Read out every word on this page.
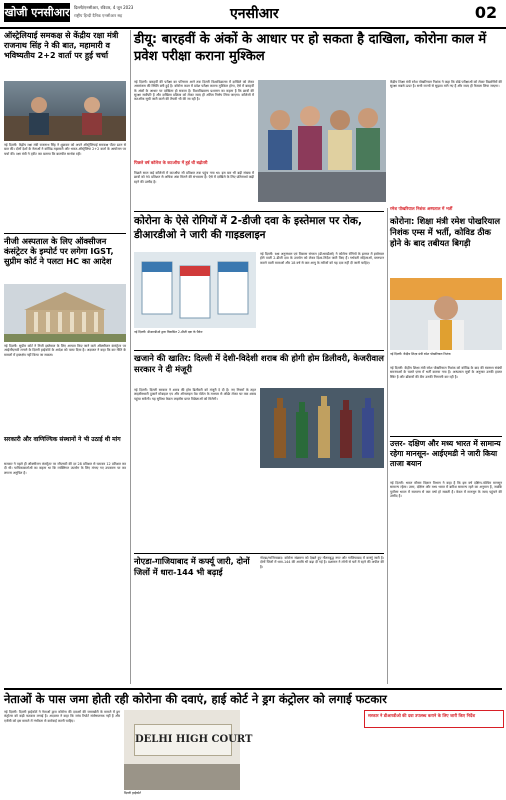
खोजी एनसीआर दिल्ली/एनसीआर, रविवार, 4 जून 2023
राष्ट्रीय हिन्दी दैनिक एनसीआर सह	एनसीआर	02
ऑस्ट्रेलियाई समकक्ष से केंद्रीय रक्षा मंत्री राजनाथ सिंह ने की बात, महामारी व भविष्यतीय 2+2 वार्ता पर हुई चर्चा
नई दिल्ली: केंद्रीय रक्षा मंत्री राजनाथ सिंह ने शुक्रवार को अपने ऑस्ट्रेलियाई समकक्ष पीटर डटन से बात की। दोनों देशों के नेताओं ने कोविड महामारी और भारत-ऑस्ट्रेलिया 2+2 वार्ता के आयोजन पर चर्चा की। रक्षा मंत्री ने ट्वीट कर बताया कि बातचीत सार्थक रही।
नीजी अस्पताल के लिए ऑक्सीजन कंसंट्रेटर के इम्पोर्ट पर लगेगा IGST, सुप्रीम कोर्ट ने पलटा HC का आदेश
नई दिल्ली: सुप्रीम कोर्ट ने निजी इस्तेमाल के लिए आयात किए जाने वाले ऑक्सीजन कंसंट्रेटर पर आईजीएसटी लगाने के दिल्ली हाईकोर्ट के आदेश को पलट दिया है। अदालत ने कहा कि कर नीति के मामलों में हस्तक्षेप नहीं किया जा सकता।
सरकारी और वाणिज्यिक संस्थानों ने भी उठाई थी मांग
सरकार ने पहले ही ऑक्सीजन कंसंट्रेटर पर जीएसटी की दर 28 प्रतिशत से घटाकर 12 प्रतिशत कर दी थी। याचिकाकर्ताओं का कहना था कि व्यक्तिगत उपयोग के लिए मंगाए गए उपकरण पर कर लगाना अनुचित है।
डीयू: बारहवीं के अंकों के आधार पर हो सकता है दाखिला, कोरोना काल में प्रवेश परीक्षा कराना मुश्किल
नई दिल्ली: बारहवीं की परीक्षा का परिणाम आने तक दिल्ली विश्वविद्यालय में दाखिले को लेकर असमंजस की स्थिति बनी हुई है। कोरोना काल में प्रवेश परीक्षा कराना मुश्किल होगा, ऐसे में बारहवीं के अंकों के आधार पर दाखिला हो सकता है। विश्वविद्यालय प्रशासन का कहना है कि छात्रों की सुरक्षा सर्वोपरि है और दाखिला प्रक्रिया को लेकर जल्द ही अंतिम निर्णय लिया जाएगा। कॉलेजों में कटऑफ सूची जारी करने की तैयारी भी की जा रही है।
पिछले वर्ष कॉलेज के कटऑफ में हुई थी बढ़ोतरी
पिछले साल कई कॉलेजों में कटऑफ सौ प्रतिशत तक पहुंच गया था। इस बार भी बड़ी संख्या में छात्रों को 95 प्रतिशत से अधिक अंक मिलने की संभावना है। ऐसे में दाखिले के लिए प्रतिस्पर्धा कड़ी रहने की उम्मीद है।
केंद्रीय शिक्षा मंत्री रमेश पोखरियाल निशंक ने कहा कि बोर्ड परीक्षाओं को लेकर विद्यार्थियों की सुरक्षा सबसे ऊपर है। सभी राज्यों से सुझाव मांगे गए हैं और जल्द ही फैसला लिया जाएगा।
कोरोना के ऐसे रोगियों में 2-डीजी दवा के इस्तेमाल पर रोक, डीआरडीओ ने जारी की गाइडलाइन
नई दिल्ली: डीआरडीओ द्वारा विकसित 2-डीजी दवा के पैकेट
नई दिल्ली: रक्षा अनुसंधान एवं विकास संगठन (डीआरडीओ) ने कोरोना रोगियों के इलाज में इस्तेमाल होने वाली 2-डीजी दवा के उपयोग को लेकर दिशा-निर्देश जारी किए हैं। गर्भवती महिलाओं, स्तनपान कराने वाली माताओं और 18 वर्ष से कम आयु के मरीजों को यह दवा नहीं दी जानी चाहिए।
खजाने की खातिर: दिल्ली में देशी-विदेशी शराब की होगी होम डिलीवरी, केजरीवाल सरकार ने दी मंजूरी
नई दिल्ली: दिल्ली सरकार ने शराब की होम डिलीवरी को मंजूरी दे दी है। नए नियमों के तहत लाइसेंसधारी दुकानें मोबाइल एप और ऑनलाइन वेब पोर्टल के माध्यम से ऑर्डर लेकर घर तक शराब पहुंचा सकेंगी। यह सुविधा केवल लाइसेंस प्राप्त विक्रेताओं को मिलेगी।
नोएडा-गाजियाबाद में कर्फ्यू जारी, दोनों जिलों में धारा-144 भी बढ़ाई
नोएडा/गाजियाबाद: कोरोना संक्रमण को देखते हुए गौतमबुद्ध नगर और गाजियाबाद में कर्फ्यू जारी है। दोनों जिलों में धारा-144 की अवधि भी बढ़ा दी गई है। प्रशासन ने लोगों से घरों में रहने की अपील की है।
रमेश पोखरियाल निशंक अस्पताल में भर्ती
कोरोना: शिक्षा मंत्री रमेश पोखरियाल निशंक एम्स में भर्ती, कोविड ठीक होने के बाद तबीयत बिगड़ी
नई दिल्ली: केंद्रीय शिक्षा मंत्री रमेश पोखरियाल निशंक
नई दिल्ली: केंद्रीय शिक्षा मंत्री रमेश पोखरियाल निशंक को कोविड के बाद की स्वास्थ्य संबंधी समस्याओं के चलते एम्स में भर्ती कराया गया है। अस्पताल सूत्रों के अनुसार उनकी हालत स्थिर है और डॉक्टरों की टीम उनकी निगरानी कर रही है।
उत्तर- दक्षिण और मध्य भारत में सामान्य रहेगा मानसून- आईएमडी ने जारी किया ताजा बयान
नई दिल्ली: भारत मौसम विज्ञान विभाग ने कहा है कि इस वर्ष दक्षिण-पश्चिम मानसून सामान्य रहेगा। उत्तर, दक्षिण और मध्य भारत में बारिश सामान्य रहने का अनुमान है, जबकि पूर्वोत्तर भारत में सामान्य से कम वर्षा हो सकती है। केरल में मानसून के जल्द पहुंचने की उम्मीद है।
नेताओं के पास जमा होती रही कोरोना की दवाएं, हाई कोर्ट ने ड्रग कंट्रोलर को लगाई फटकार
नई दिल्ली: दिल्ली हाईकोर्ट ने नेताओं द्वारा कोरोना की दवाओं की जमाखोरी के मामले में ड्रग कंट्रोलर को कड़ी फटकार लगाई है। अदालत ने कहा कि जांच रिपोर्ट संतोषजनक नहीं है और एजेंसी को इस मामले में गंभीरता से कार्रवाई करनी चाहिए।
DELHI HIGH COURT
दिल्ली हाईकोर्ट
सरकार ने डीआरडीओ की दवा उपलब्ध कराने के लिए जारी किए निर्देश
